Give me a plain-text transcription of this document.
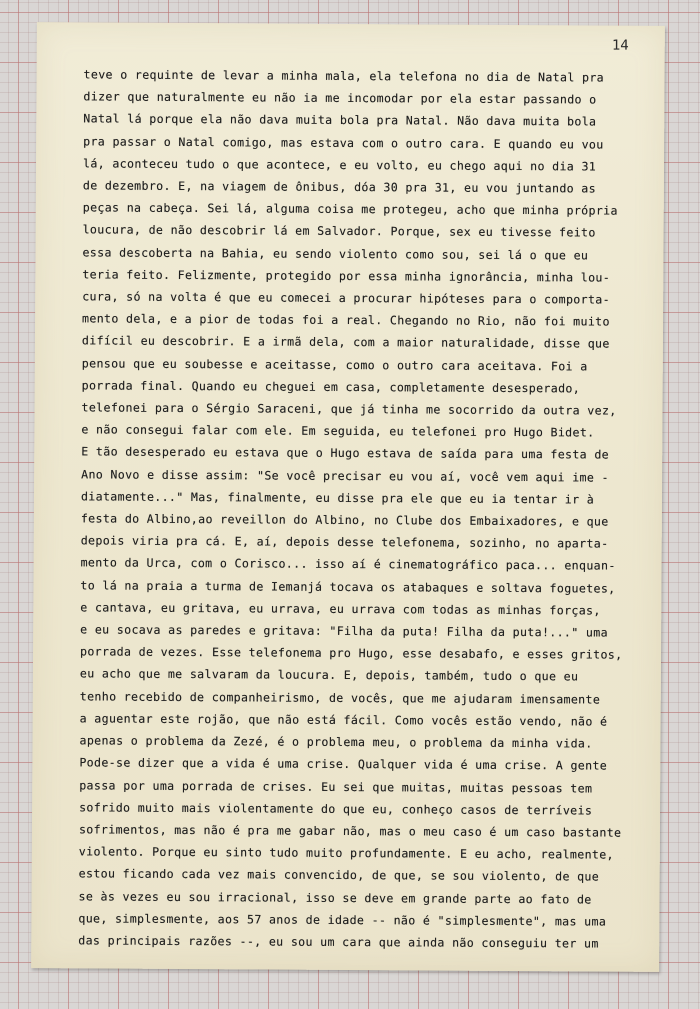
14
teve o requinte de levar a minha mala, ela telefona no dia de Natal pra
dizer que naturalmente eu não ia me incomodar por ela estar passando o
Natal lá porque ela não dava muita bola pra Natal. Não dava muita bola
pra passar o Natal comigo, mas estava com o outro cara. E quando eu vou
lá, aconteceu tudo o que acontece, e eu volto, eu chego aqui no dia 31
de dezembro. E, na viagem de ônibus, dóa 30 pra 31, eu vou juntando as
peças na cabeça. Sei lá, alguma coisa me protegeu, acho que minha própria
loucura, de não descobrir lá em Salvador. Porque, sex eu tivesse feito
essa descoberta na Bahia, eu sendo violento como sou, sei lá o que eu
teria feito. Felizmente, protegido por essa minha ignorância, minha lou-
cura, só na volta é que eu comecei a procurar hipóteses para o comporta-
mento dela, e a pior de todas foi a real. Chegando no Rio, não foi muito
difícil eu descobrir. E a irmã dela, com a maior naturalidade, disse que
pensou que eu soubesse e aceitasse, como o outro cara aceitava. Foi a
porrada final. Quando eu cheguei em casa, completamente desesperado,
telefonei para o Sérgio Saraceni, que já tinha me socorrido da outra vez,
e não consegui falar com ele. Em seguida, eu telefonei pro Hugo Bidet.
E tão desesperado eu estava que o Hugo estava de saída para uma festa de
Ano Novo e disse assim: "Se você precisar eu vou aí, você vem aqui ime -
diatamente..." Mas, finalmente, eu disse pra ele que eu ia tentar ir à
festa do Albino,ao reveillon do Albino, no Clube dos Embaixadores, e que
depois viria pra cá. E, aí, depois desse telefonema, sozinho, no aparta-
mento da Urca, com o Corisco... isso aí é cinematográfico paca... enquan-
to lá na praia a turma de Iemanjá tocava os atabaques e soltava foguetes,
e cantava, eu gritava, eu urrava, eu urrava com todas as minhas forças,
e eu socava as paredes e gritava: "Filha da puta! Filha da puta!..." uma
porrada de vezes. Esse telefonema pro Hugo, esse desabafo, e esses gritos,
eu acho que me salvaram da loucura. E, depois, também, tudo o que eu
tenho recebido de companheirismo, de vocês, que me ajudaram imensamente
a aguentar este rojão, que não está fácil. Como vocês estão vendo, não é
apenas o problema da Zezé, é o problema meu, o problema da minha vida.
Pode-se dizer que a vida é uma crise. Qualquer vida é uma crise. A gente
passa por uma porrada de crises. Eu sei que muitas, muitas pessoas tem
sofrido muito mais violentamente do que eu, conheço casos de terríveis
sofrimentos, mas não é pra me gabar não, mas o meu caso é um caso bastante
violento. Porque eu sinto tudo muito profundamente. E eu acho, realmente,
estou ficando cada vez mais convencido, de que, se sou violento, de que
se às vezes eu sou irracional, isso se deve em grande parte ao fato de
que, simplesmente, aos 57 anos de idade -- não é "simplesmente", mas uma
das principais razões --, eu sou um cara que ainda não conseguiu ter um
